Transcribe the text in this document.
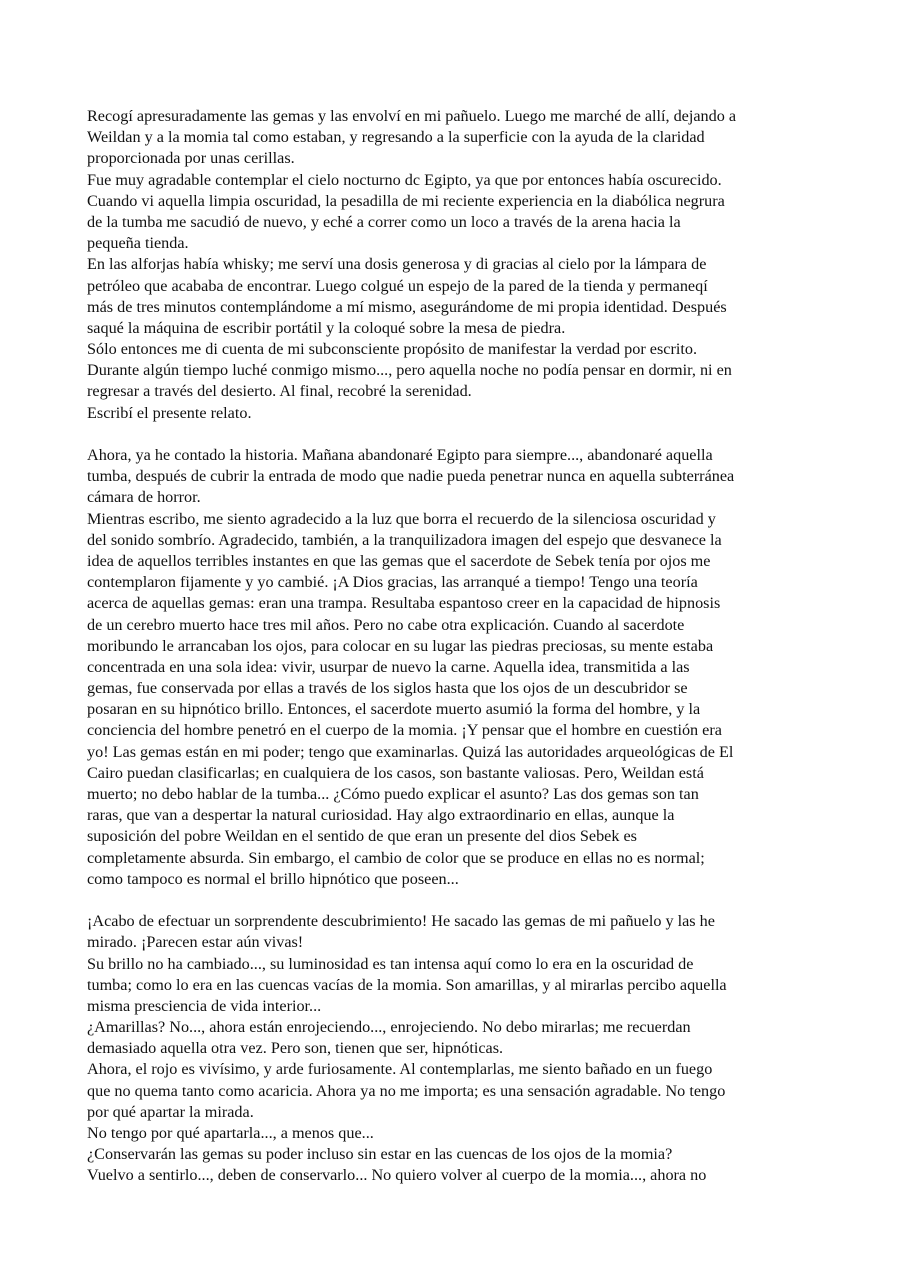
Recogí apresuradamente las gemas y las envolví en mi pañuelo. Luego me marché de allí, dejando a
Weildan y a la momia tal como estaban, y regresando a la superficie con la ayuda de la claridad
proporcionada por unas cerillas.
Fue muy agradable contemplar el cielo nocturno dc Egipto, ya que por entonces había oscurecido.
Cuando vi aquella limpia oscuridad, la pesadilla de mi reciente experiencia en la diabólica negrura
de la tumba me sacudió de nuevo, y eché a correr como un loco a través de la arena hacia la
pequeña tienda.
En las alforjas había whisky; me serví una dosis generosa y di gracias al cielo por la lámpara de
petróleo que acababa de encontrar. Luego colgué un espejo de la pared de la tienda y permaneqí
más de tres minutos contemplándome a mí mismo, asegurándome de mi propia identidad. Después
saqué la máquina de escribir portátil y la coloqué sobre la mesa de piedra.
Sólo entonces me di cuenta de mi subconsciente propósito de manifestar la verdad por escrito.
Durante algún tiempo luché conmigo mismo..., pero aquella noche no podía pensar en dormir, ni en
regresar a través del desierto. Al final, recobré la serenidad.
Escribí el presente relato.
Ahora, ya he contado la historia. Mañana abandonaré Egipto para siempre..., abandonaré aquella
tumba, después de cubrir la entrada de modo que nadie pueda penetrar nunca en aquella subterránea
cámara de horror.
Mientras escribo, me siento agradecido a la luz que borra el recuerdo de la silenciosa oscuridad y
del sonido sombrío. Agradecido, también, a la tranquilizadora imagen del espejo que desvanece la
idea de aquellos terribles instantes en que las gemas que el sacerdote de Sebek tenía por ojos me
contemplaron fijamente y yo cambié. ¡A Dios gracias, las arranqué a tiempo! Tengo una teoría
acerca de aquellas gemas: eran una trampa. Resultaba espantoso creer en la capacidad de hipnosis
de un cerebro muerto hace tres mil años. Pero no cabe otra explicación. Cuando al sacerdote
moribundo le arrancaban los ojos, para colocar en su lugar las piedras preciosas, su mente estaba
concentrada en una sola idea: vivir, usurpar de nuevo la carne. Aquella idea, transmitida a las
gemas, fue conservada por ellas a través de los siglos hasta que los ojos de un descubridor se
posaran en su hipnótico brillo. Entonces, el sacerdote muerto asumió la forma del hombre, y la
conciencia del hombre penetró en el cuerpo de la momia. ¡Y pensar que el hombre en cuestión era
yo! Las gemas están en mi poder; tengo que examinarlas. Quizá las autoridades arqueológicas de El
Cairo puedan clasificarlas; en cualquiera de los casos, son bastante valiosas. Pero, Weildan está
muerto; no debo hablar de la tumba... ¿Cómo puedo explicar el asunto? Las dos gemas son tan
raras, que van a despertar la natural curiosidad. Hay algo extraordinario en ellas, aunque la
suposición del pobre Weildan en el sentido de que eran un presente del dios Sebek es
completamente absurda. Sin embargo, el cambio de color que se produce en ellas no es normal;
como tampoco es normal el brillo hipnótico que poseen...
¡Acabo de efectuar un sorprendente descubrimiento! He sacado las gemas de mi pañuelo y las he
mirado. ¡Parecen estar aún vivas!
Su brillo no ha cambiado..., su luminosidad es tan intensa aquí como lo era en la oscuridad de
tumba; como lo era en las cuencas vacías de la momia. Son amarillas, y al mirarlas percibo aquella
misma presciencia de vida interior...
¿Amarillas? No..., ahora están enrojeciendo..., enrojeciendo. No debo mirarlas; me recuerdan
demasiado aquella otra vez. Pero son, tienen que ser, hipnóticas.
Ahora, el rojo es vivísimo, y arde furiosamente. Al contemplarlas, me siento bañado en un fuego
que no quema tanto como acaricia. Ahora ya no me importa; es una sensación agradable. No tengo
por qué apartar la mirada.
No tengo por qué apartarla..., a menos que...
¿Conservarán las gemas su poder incluso sin estar en las cuencas de los ojos de la momia?
Vuelvo a sentirlo..., deben de conservarlo... No quiero volver al cuerpo de la momia..., ahora no
